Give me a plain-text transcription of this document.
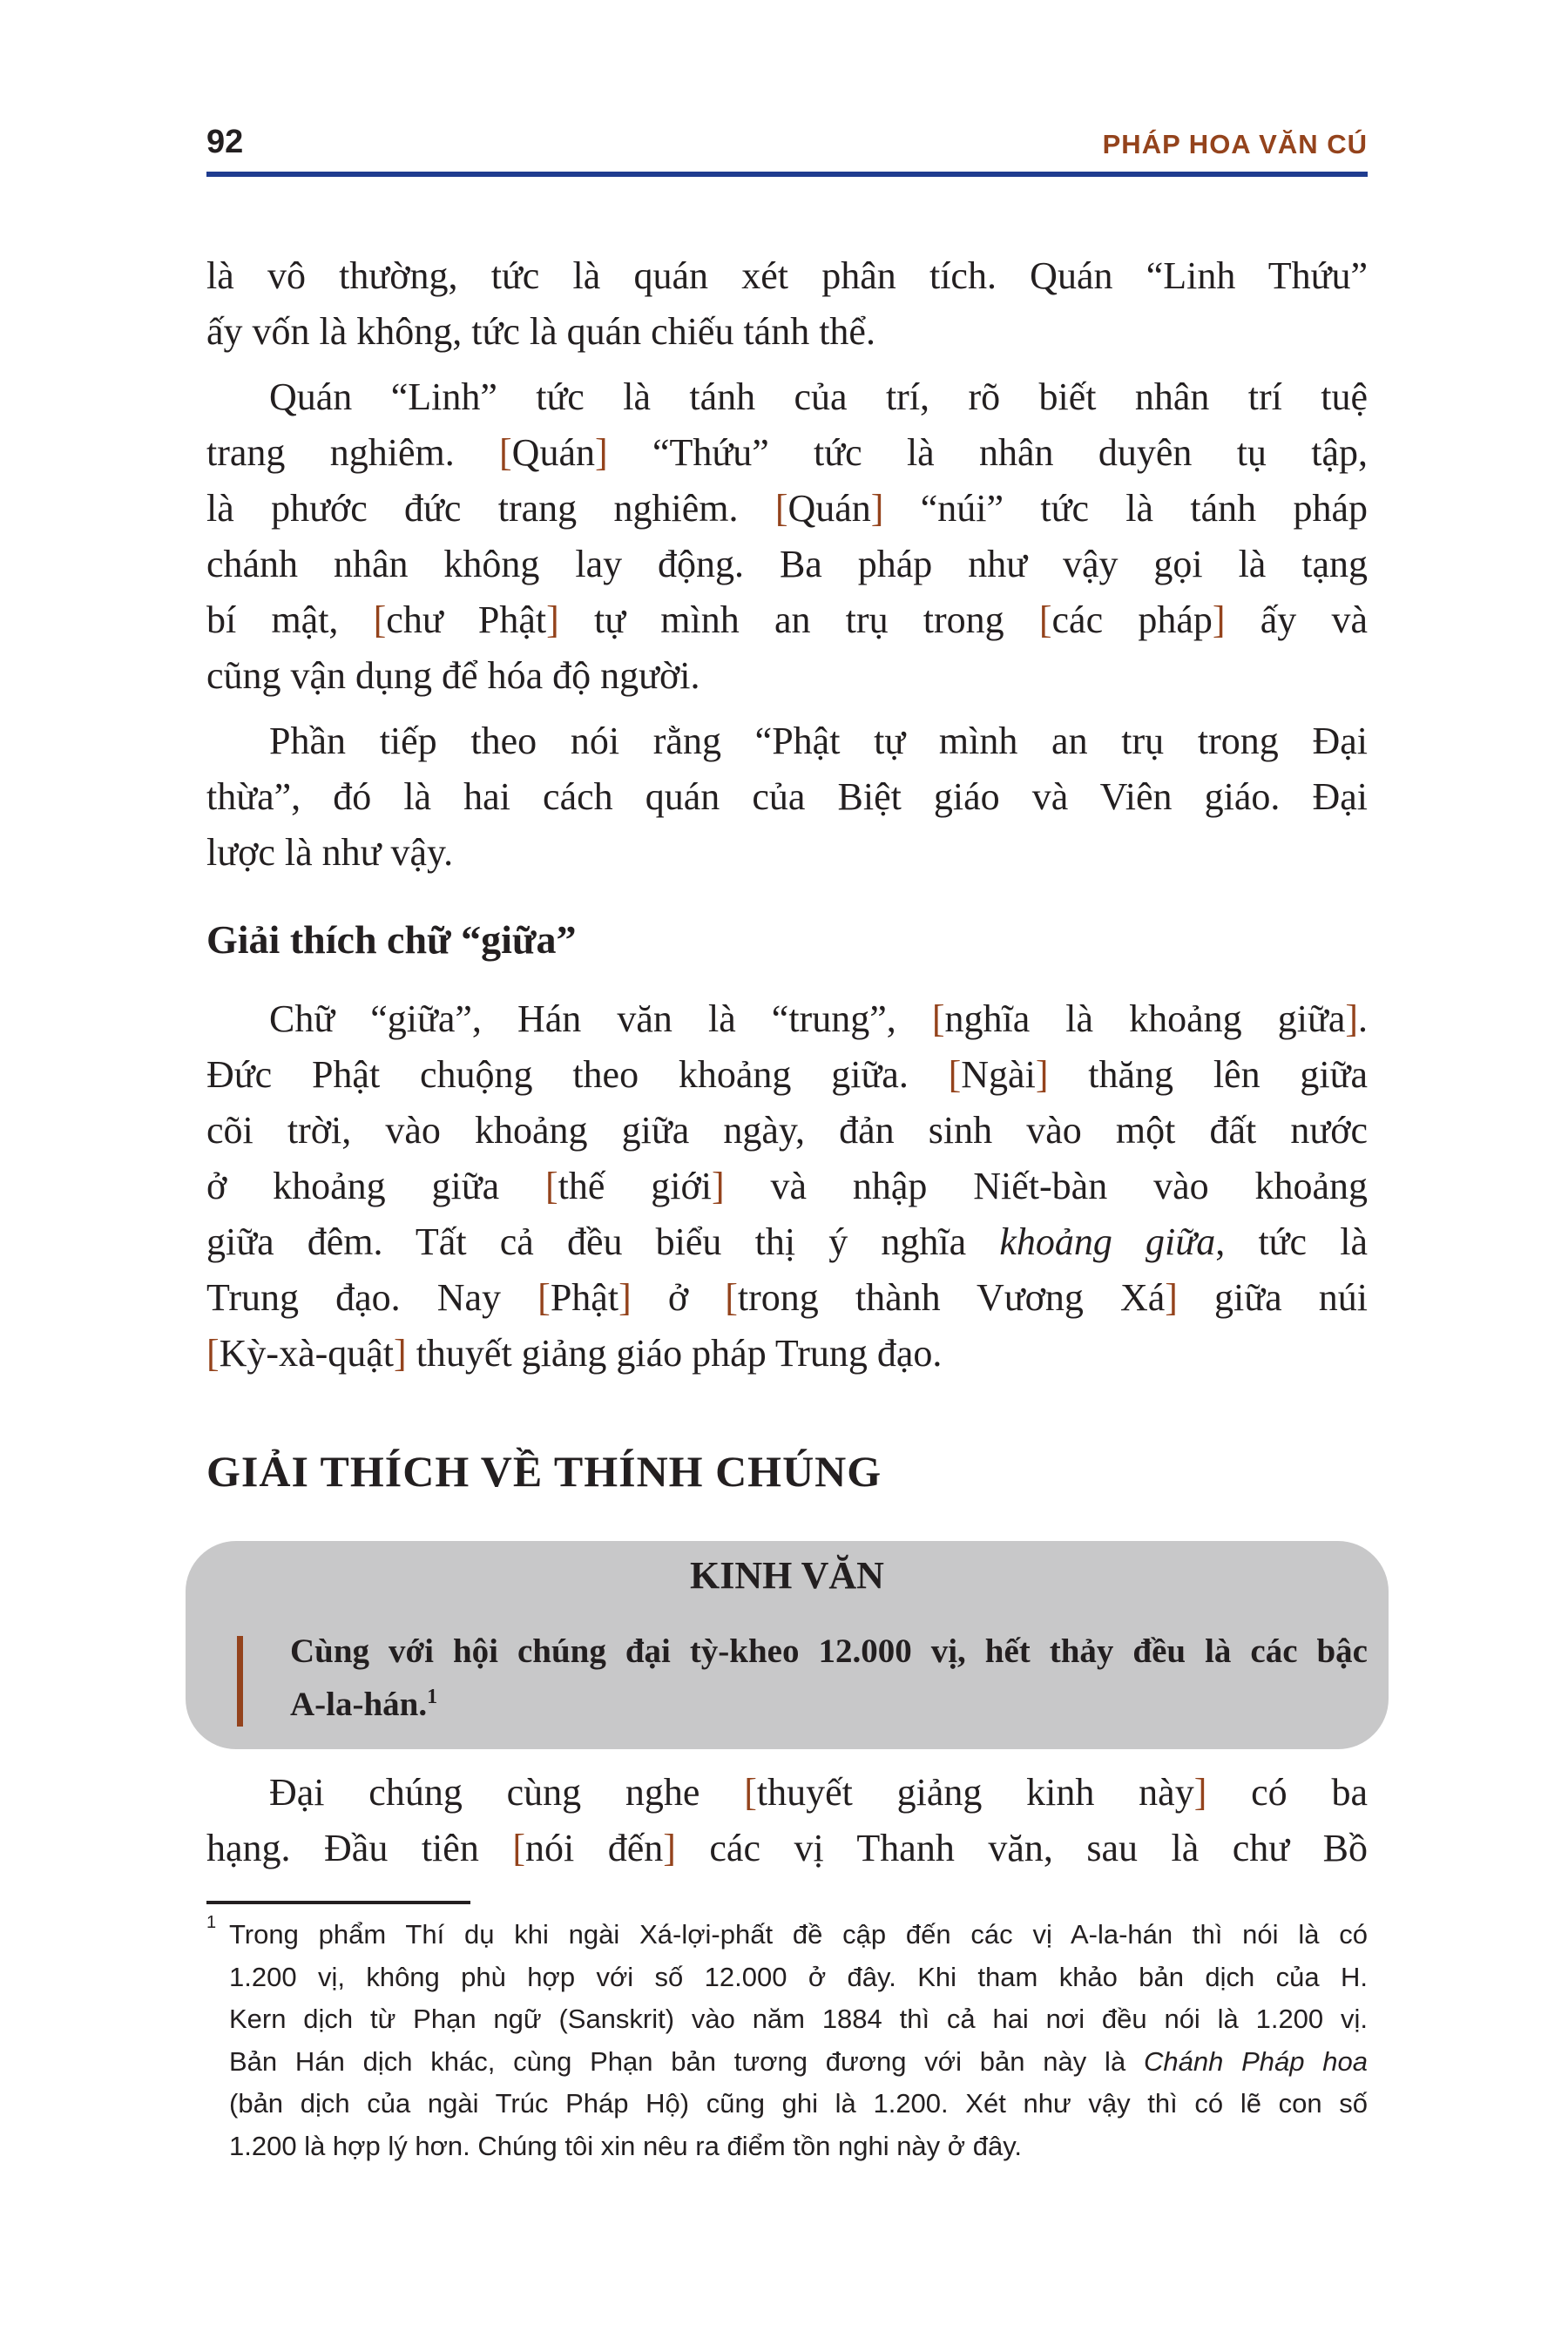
92	PHÁP HOA VĂN CÚ
là vô thường, tức là quán xét phân tích. Quán “Linh Thứu”
ấy vốn là không, tức là quán chiếu tánh thể.
Quán “Linh” tức là tánh của trí, rõ biết nhân trí tuệ
trang nghiêm. [Quán] “Thứu” tức là nhân duyên tụ tập,
là phước đức trang nghiêm. [Quán] “núi” tức là tánh pháp
chánh nhân không lay động. Ba pháp như vậy gọi là tạng
bí mật, [chư Phật] tự mình an trụ trong [các pháp] ấy và
cũng vận dụng để hóa độ người.
Phần tiếp theo nói rằng “Phật tự mình an trụ trong Đại
thừa”, đó là hai cách quán của Biệt giáo và Viên giáo. Đại
lược là như vậy.
Giải thích chữ “giữa”
Chữ “giữa”, Hán văn là “trung”, [nghĩa là khoảng giữa].
Đức Phật chuộng theo khoảng giữa. [Ngài] thăng lên giữa
cõi trời, vào khoảng giữa ngày, đản sinh vào một đất nước
ở khoảng giữa [thế giới] và nhập Niết-bàn vào khoảng
giữa đêm. Tất cả đều biểu thị ý nghĩa khoảng giữa, tức là
Trung đạo. Nay [Phật] ở [trong thành Vương Xá] giữa núi
[Kỳ-xà-quật] thuyết giảng giáo pháp Trung đạo.
GIẢI THÍCH VỀ THÍNH CHÚNG
KINH VĂN
Cùng với hội chúng đại tỳ-kheo 12.000 vị, hết thảy đều là các bậc
A-la-hán.$^1$
Đại chúng cùng nghe [thuyết giảng kinh này] có ba
hạng. Đầu tiên [nói đến] các vị Thanh văn, sau là chư Bồ
1 Trong phẩm Thí dụ khi ngài Xá-lợi-phất đề cập đến các vị A-la-hán thì nói là có
1.200 vị, không phù hợp với số 12.000 ở đây. Khi tham khảo bản dịch của H.
Kern dịch từ Phạn ngữ (Sanskrit) vào năm 1884 thì cả hai nơi đều nói là 1.200 vị.
Bản Hán dịch khác, cùng Phạn bản tương đương với bản này là Chánh Pháp hoa
(bản dịch của ngài Trúc Pháp Hộ) cũng ghi là 1.200. Xét như vậy thì có lẽ con số
1.200 là hợp lý hơn. Chúng tôi xin nêu ra điểm tồn nghi này ở đây.
